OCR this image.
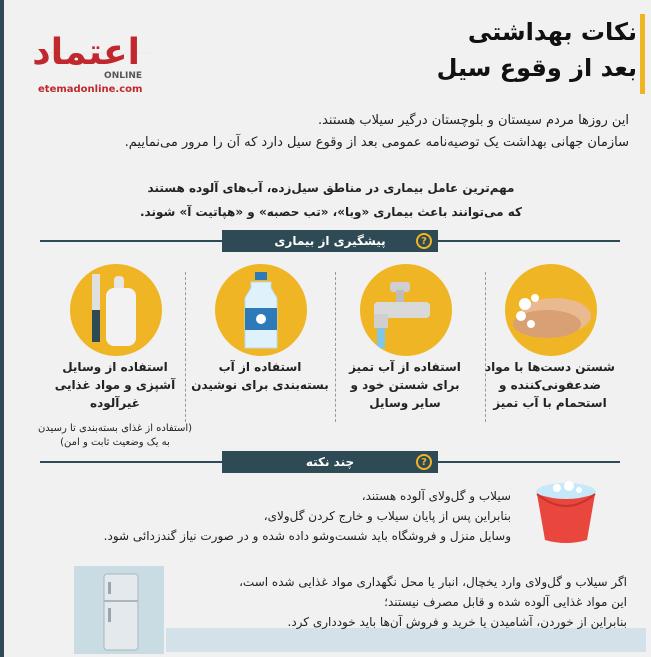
اعتماد
ONLINE
etemadonline.com
نکات بهداشتی
بعد از وقوع سیل
این روزها مردم سیستان و بلوچستان درگیر سیلاب هستند.
سازمان جهانی بهداشت یک توصیه‌نامه عمومی بعد از وقوع سیل دارد که آن را مرور می‌نماییم.
مهم‌ترین عامل بیماری در مناطق سیل‌زده، آب‌های آلوده هستند
که می‌توانند باعث بیماری «وبا»، «تب حصبه» و «هپاتیت آ» شوند.
?
پیشگیری از بیماری
شستن دست‌ها با مواد ضدعفونی‌کننده و استحمام با آب تمیز
استفاده از آب تمیز برای شستن خود و سایر وسایل
استفاده از آب بسته‌بندی برای نوشیدن
استفاده از وسایل آشپزی و مواد غذایی غیرآلوده
(استفاده از غذای بسته‌بندی تا رسیدن به یک وضعیت ثابت و امن)
?
چند نکته
سیلاب و گل‌ولای آلوده هستند،
بنابراین پس از پایان سیلاب و خارج کردن گل‌ولای،
وسایل منزل و فروشگاه باید شست‌وشو داده شده و در صورت نیاز گندزدائی شود.
اگر سیلاب و گل‌ولای وارد یخچال، انبار یا محل نگهداری مواد غذایی شده است،
این مواد غذایی آلوده شده و قابل مصرف نیستند؛
بنابراین از خوردن، آشامیدن یا خرید و فروش آن‌ها باید خودداری کرد.
